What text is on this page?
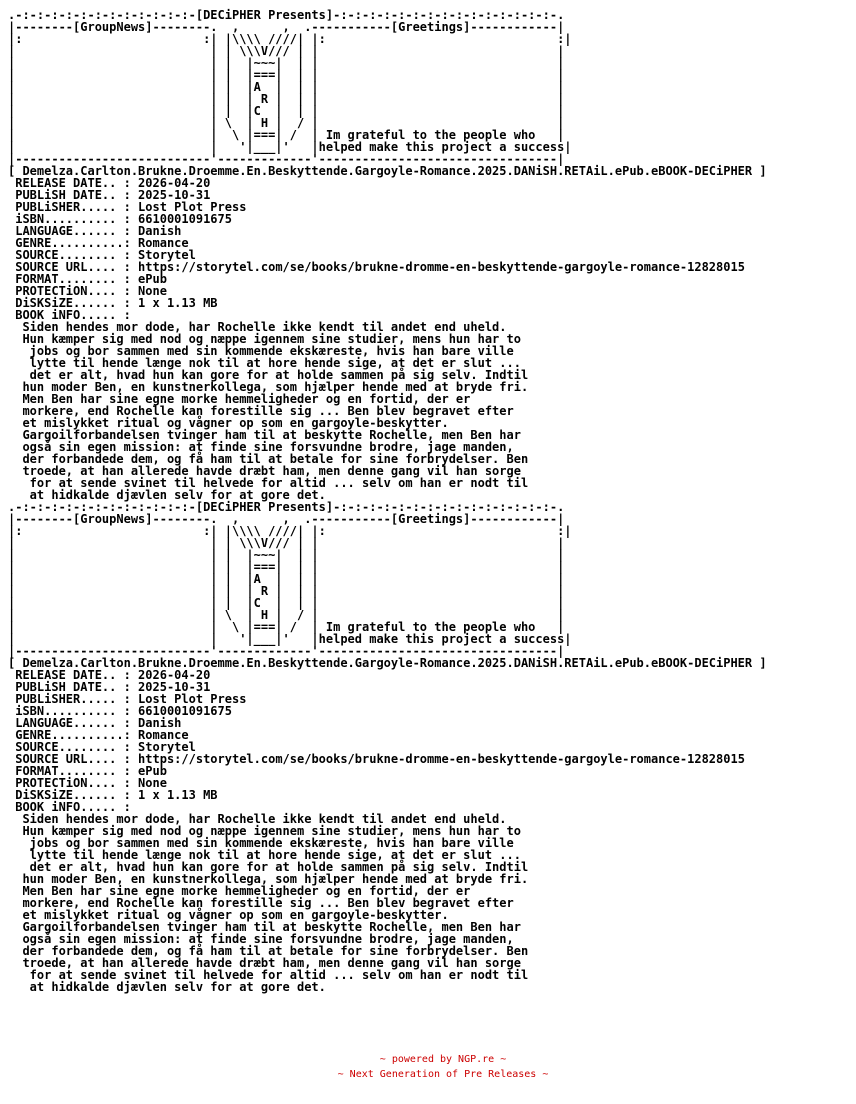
.-:-:-:-:-:-:-:-:-:-:-:-:-[DECiPHER Presents]-:-:-:-:-:-:-:-:-:-:-:-:-:-:-:-.
|--------[GroupNews]--------.  ,      ,  .-----------[Greetings]------------|
|:                         :| |\\\\ ////| |:                                :|
|                           | | \\\V/// | |                                 |
|                           | |  |~~~|  | |                                 |
|                           | |  |===|  | |                                 |
|                           | |  |A  |  | |                                 |
|                           | |  | R |  | |                                 |
|                           | |  |C  |  | |                                 |
|                           | \  | H |  / |                                 |
|                           |  \ |===| /  | Im grateful to the people who   |
|                           |   '|___|'   |helped make this project a success|
|---------------------------'-------------'---------------------------------|
[ Demelza.Carlton.Brukne.Droemme.En.Beskyttende.Gargoyle-Romance.2025.DANiSH.RETAiL.ePub.eBOOK-DECiPHER ]
RELEASE DATE.. : 2026-04-20
PUBLiSH DATE.. : 2025-10-31
PUBLiSHER..... : Lost Plot Press
iSBN.......... : 6610001091675
LANGUAGE...... : Danish
GENRE..........: Romance
SOURCE........ : Storytel
SOURCE URL.... : https://storytel.com/se/books/brukne-dromme-en-beskyttende-gargoyle-romance-12828015
FORMAT........ : ePub
PROTECTiON.... : None
DiSKSiZE...... : 1 x 1.13 MB
BOOK iNFO..... :
Siden hendes mor dode, har Rochelle ikke kendt til andet end uheld.
Hun kæmper sig med nod og næppe igennem sine studier, mens hun har to
jobs og bor sammen med sin kommende ekskæreste, hvis han bare ville
lytte til hende længe nok til at hore hende sige, at det er slut ...
det er alt, hvad hun kan gore for at holde sammen på sig selv. Indtil
hun moder Ben, en kunstnerkollega, som hjælper hende med at bryde fri.
Men Ben har sine egne morke hemmeligheder og en fortid, der er
morkere, end Rochelle kan forestille sig ... Ben blev begravet efter
et mislykket ritual og vågner op som en gargoyle-beskytter.
Gargoilforbandelsen tvinger ham til at beskytte Rochelle, men Ben har
også sin egen mission: at finde sine forsvundne brodre, jage manden,
der forbandede dem, og få ham til at betale for sine forbrydelser. Ben
troede, at han allerede havde dræbt ham, men denne gang vil han sorge
for at sende svinet til helvede for altid ... selv om han er nodt til
at hidkalde djævlen selv for at gore det.
.-:-:-:-:-:-:-:-:-:-:-:-:-[DECiPHER Presents]-:-:-:-:-:-:-:-:-:-:-:-:-:-:-:-.
|--------[GroupNews]--------.  ,      ,  .-----------[Greetings]------------|
|:                         :| |\\\\ ////| |:                                :|
|                           | | \\\V/// | |                                 |
|                           | |  |~~~|  | |                                 |
|                           | |  |===|  | |                                 |
|                           | |  |A  |  | |                                 |
|                           | |  | R |  | |                                 |
|                           | |  |C  |  | |                                 |
|                           | \  | H |  / |                                 |
|                           |  \ |===| /  | Im grateful to the people who   |
|                           |   '|___|'   |helped make this project a success|
|---------------------------'-------------'---------------------------------|
[ Demelza.Carlton.Brukne.Droemme.En.Beskyttende.Gargoyle-Romance.2025.DANiSH.RETAiL.ePub.eBOOK-DECiPHER ]
RELEASE DATE.. : 2026-04-20
PUBLiSH DATE.. : 2025-10-31
PUBLiSHER..... : Lost Plot Press
iSBN.......... : 6610001091675
LANGUAGE...... : Danish
GENRE..........: Romance
SOURCE........ : Storytel
SOURCE URL.... : https://storytel.com/se/books/brukne-dromme-en-beskyttende-gargoyle-romance-12828015
FORMAT........ : ePub
PROTECTiON.... : None
DiSKSiZE...... : 1 x 1.13 MB
BOOK iNFO..... :
Siden hendes mor dode, har Rochelle ikke kendt til andet end uheld.
Hun kæmper sig med nod og næppe igennem sine studier, mens hun har to
jobs og bor sammen med sin kommende ekskæreste, hvis han bare ville
lytte til hende længe nok til at hore hende sige, at det er slut ...
det er alt, hvad hun kan gore for at holde sammen på sig selv. Indtil
hun moder Ben, en kunstnerkollega, som hjælper hende med at bryde fri.
Men Ben har sine egne morke hemmeligheder og en fortid, der er
morkere, end Rochelle kan forestille sig ... Ben blev begravet efter
et mislykket ritual og vågner op som en gargoyle-beskytter.
Gargoilforbandelsen tvinger ham til at beskytte Rochelle, men Ben har
også sin egen mission: at finde sine forsvundne brodre, jage manden,
der forbandede dem, og få ham til at betale for sine forbrydelser. Ben
troede, at han allerede havde dræbt ham, men denne gang vil han sorge
for at sende svinet til helvede for altid ... selv om han er nodt til
at hidkalde djævlen selv for at gore det.
~ powered by NGP.re ~
~ Next Generation of Pre Releases ~
